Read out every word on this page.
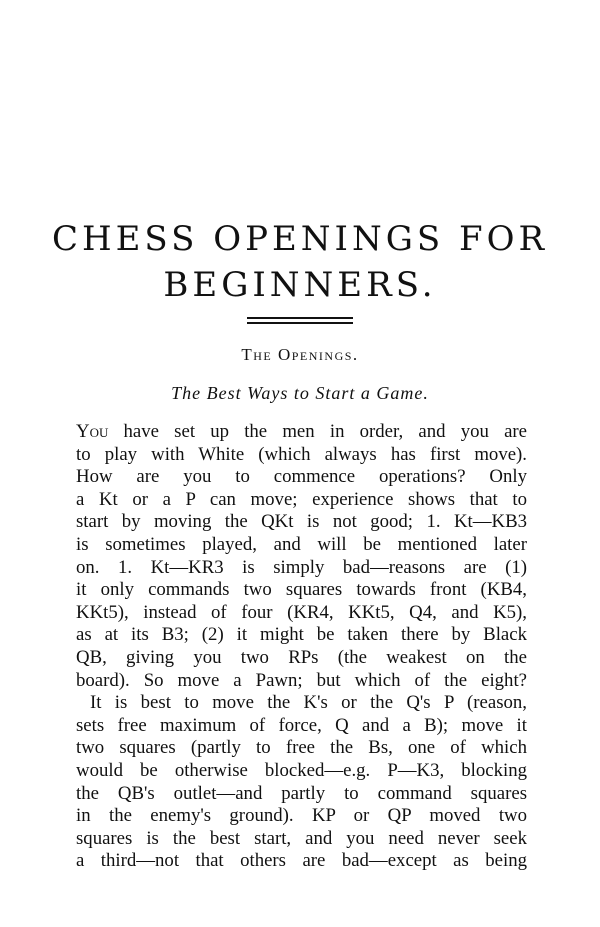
CHESS OPENINGS FOR
BEGINNERS.
The Openings.

The Best Ways to Start a Game.

You have set up the men in order, and you are
to play with White (which always has first move).
How are you to commence operations? Only
a Kt or a P can move; experience shows that to
start by moving the QKt is not good; 1. Kt—KB3
is sometimes played, and will be mentioned later
on. 1. Kt—KR3 is simply bad—reasons are (1)
it only commands two squares towards front (KB4,
KKt5), instead of four (KR4, KKt5, Q4, and K5),
as at its B3; (2) it might be taken there by Black
QB, giving you two RPs (the weakest on the
board). So move a Pawn; but which of the eight?
It is best to move the K's or the Q's P (reason,
sets free maximum of force, Q and a B); move it
two squares (partly to free the Bs, one of which
would be otherwise blocked—e.g. P—K3, blocking
the QB's outlet—and partly to command squares
in the enemy's ground). KP or QP moved two
squares is the best start, and you need never seek
a third—not that others are bad—except as being
